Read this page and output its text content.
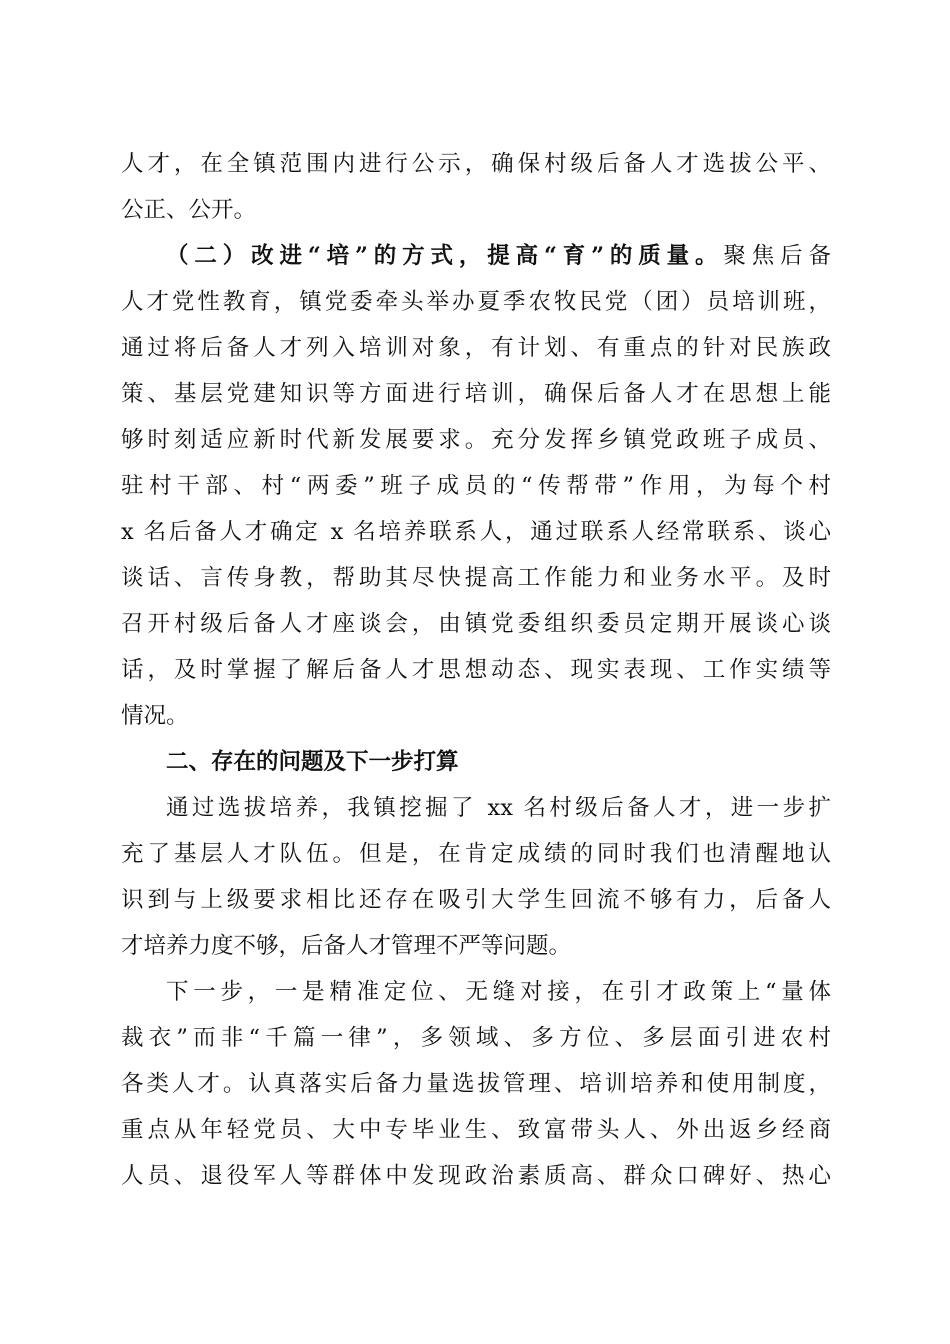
人才，在全镇范围内进行公示，确保村级后备人才选拔公平、
公正、公开。
（二）改进“培”的方式，提高“育”的质量。聚焦后备
人才党性教育，镇党委牵头举办夏季农牧民党（团）员培训班，
通过将后备人才列入培训对象，有计划、有重点的针对民族政
策、基层党建知识等方面进行培训，确保后备人才在思想上能
够时刻适应新时代新发展要求。充分发挥乡镇党政班子成员、
驻村干部、村“两委”班子成员的“传帮带”作用，为每个村
x 名后备人才确定 x 名培养联系人，通过联系人经常联系、谈心
谈话、言传身教，帮助其尽快提高工作能力和业务水平。及时
召开村级后备人才座谈会，由镇党委组织委员定期开展谈心谈
话，及时掌握了解后备人才思想动态、现实表现、工作实绩等
情况。
二、存在的问题及下一步打算
通过选拔培养，我镇挖掘了 xx 名村级后备人才，进一步扩
充了基层人才队伍。但是，在肯定成绩的同时我们也清醒地认
识到与上级要求相比还存在吸引大学生回流不够有力，后备人
才培养力度不够，后备人才管理不严等问题。
下一步，一是精准定位、无缝对接，在引才政策上“量体
裁衣”而非“千篇一律”，多领域、多方位、多层面引进农村
各类人才。认真落实后备力量选拔管理、培训培养和使用制度，
重点从年轻党员、大中专毕业生、致富带头人、外出返乡经商
人员、退役军人等群体中发现政治素质高、群众口碑好、热心
